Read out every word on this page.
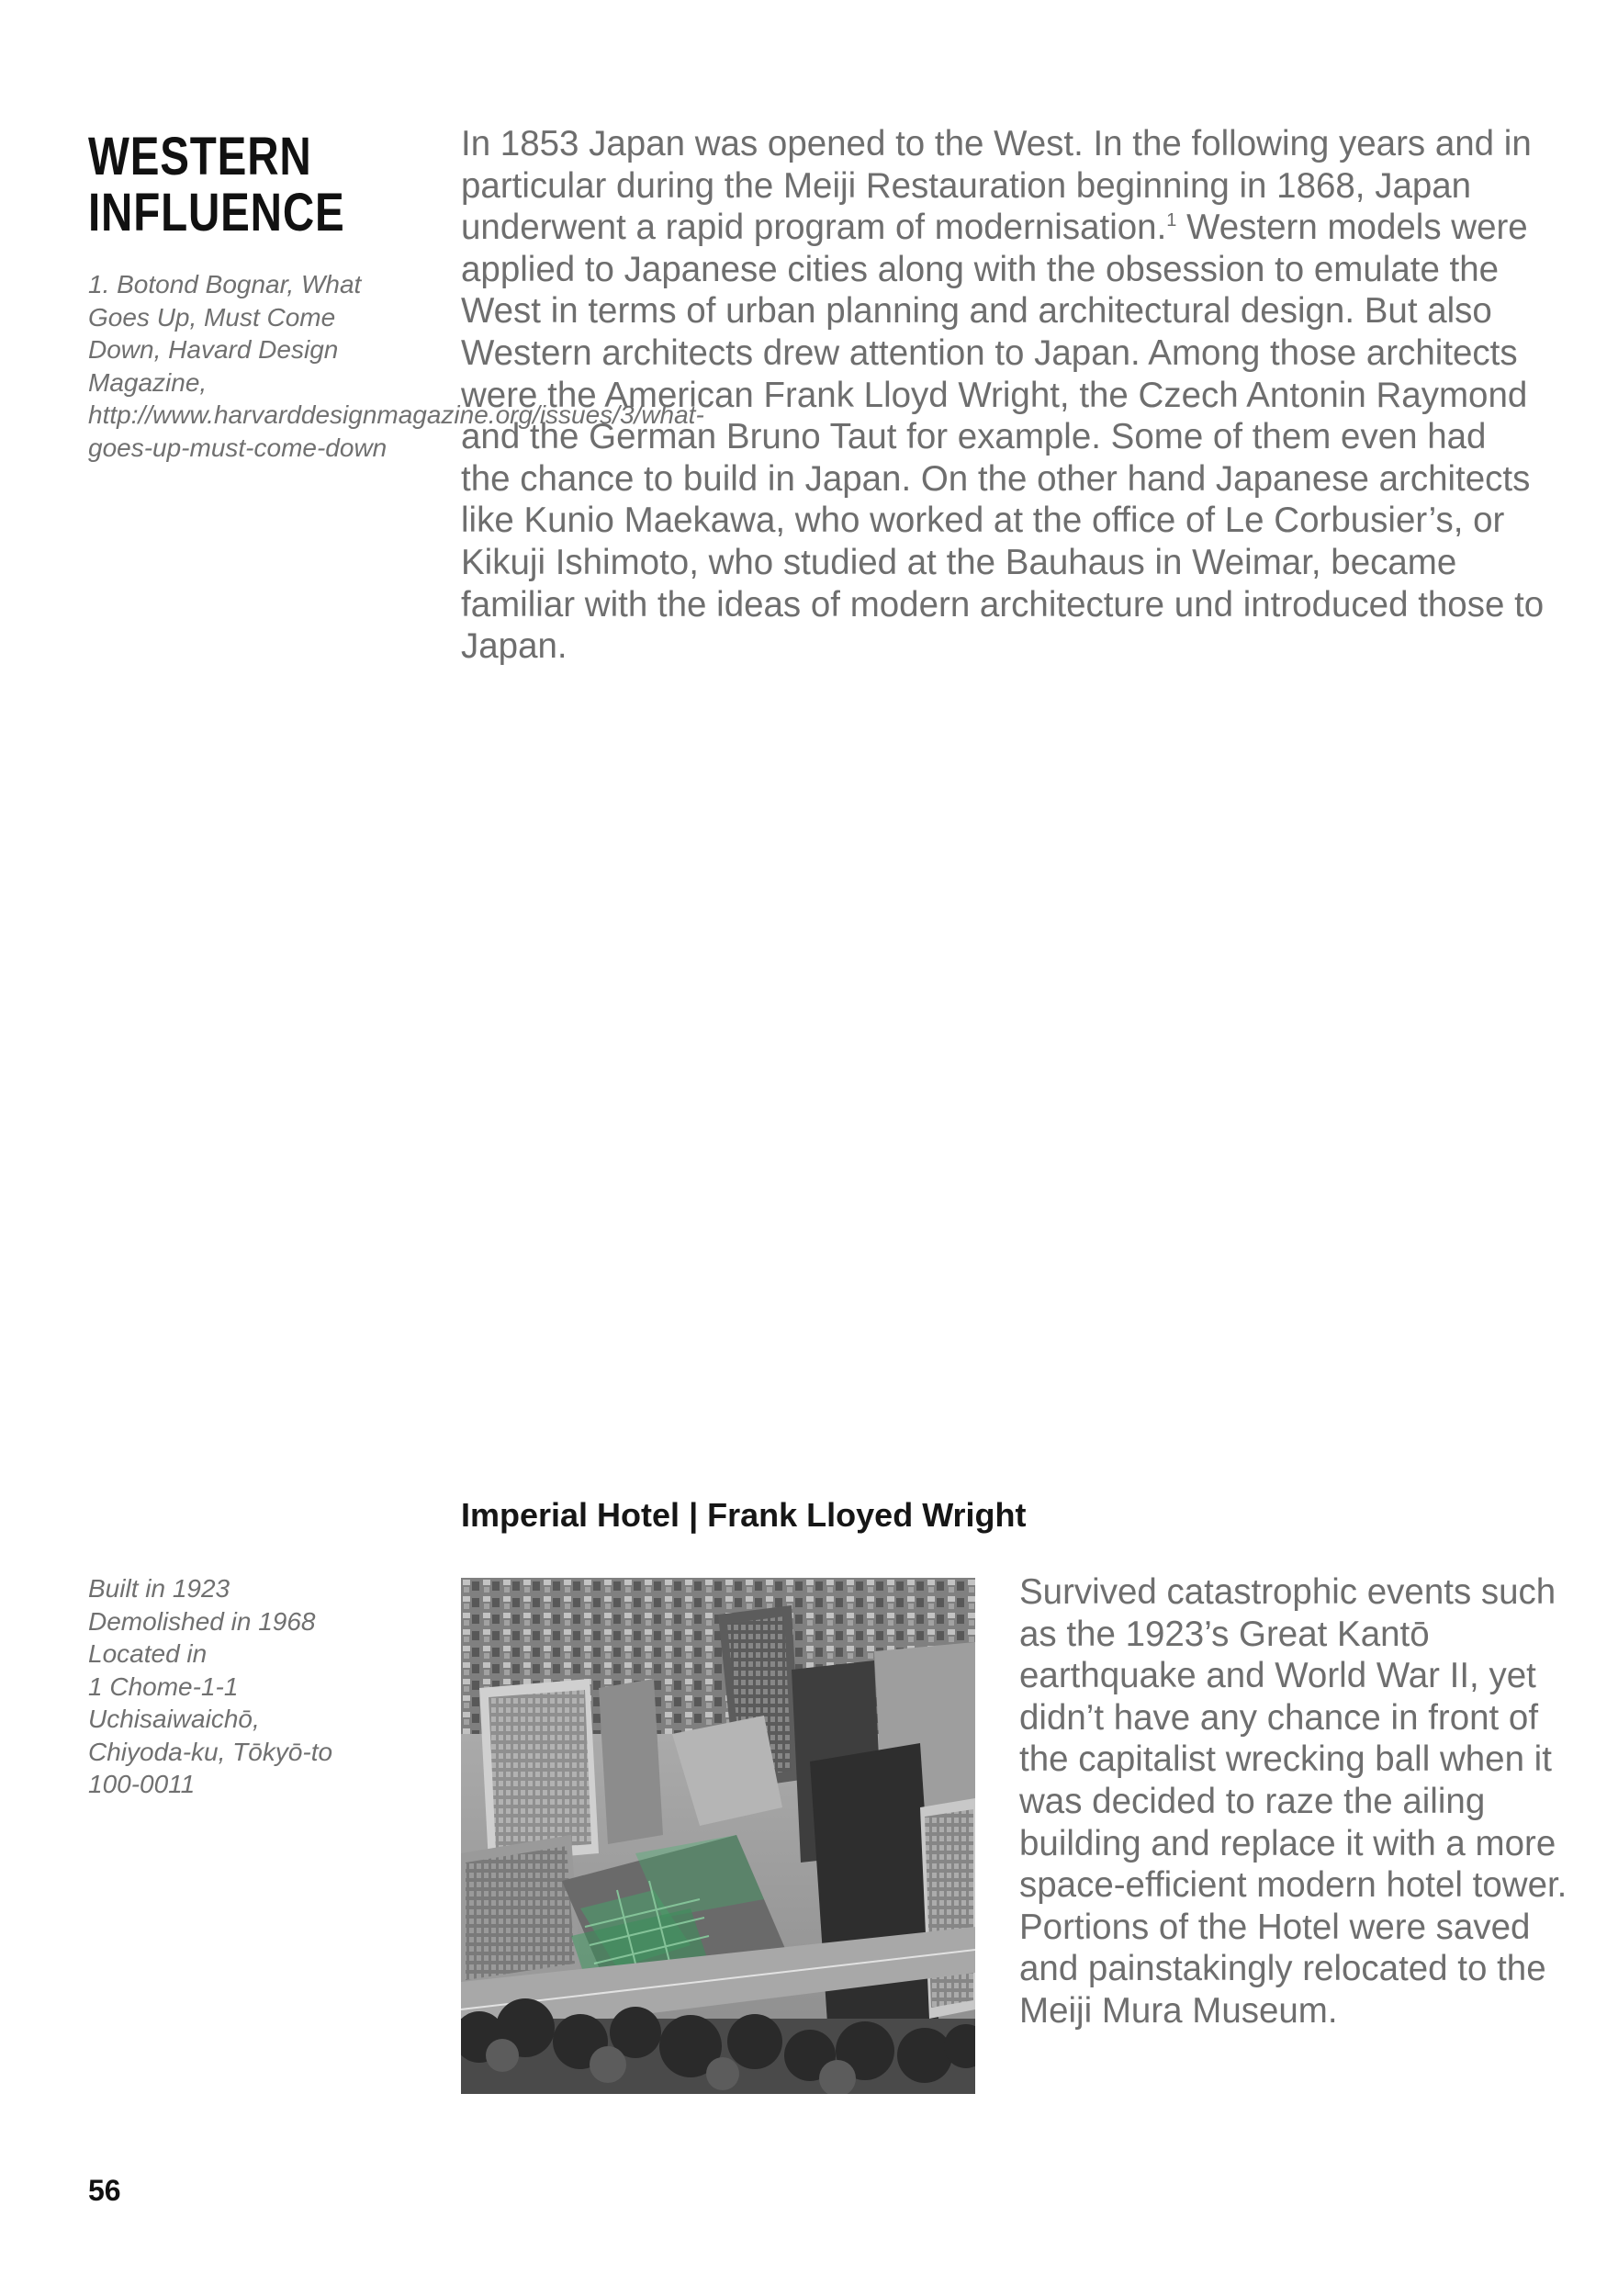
WESTERN
INFLUENCE

1. Botond Bognar, What Goes Up, Must Come Down, Havard Design Magazine, http://www.harvarddesignmagazine.org/issues/3/what-goes-up-must-come-down

In 1853 Japan was opened to the West. In the following years and in particular during the Meiji Restauration beginning in 1868, Japan underwent a rapid program of modernisation.$^1$ Western models were applied to Japanese cities along with the obsession to emulate the West in terms of urban planning and architectural design. But also Western architects drew attention to Japan. Among those architects were the American Frank Lloyd Wright, the Czech Antonin Raymond and the German Bruno Taut for example. Some of them even had the chance to build in Japan. On the other hand Japanese architects like Kunio Maekawa, who worked at the office of Le Corbusier’s, or Kikuji Ishimoto, who studied at the Bauhaus in Weimar, became familiar with the ideas of modern architecture und introduced those to Japan.

Imperial Hotel | Frank Lloyed Wright

Built in 1923
Demolished in 1968
Located in
1 Chome-1-1
Uchisaiwaichō,
Chiyoda-ku, Tōkyō-to
100-0011

Survived catastrophic events such as the 1923’s Great Kantō earthquake and World War II, yet didn’t have any chance in front of the capitalist wrecking ball when it was decided to raze the ailing building and replace it with a more space-efficient modern hotel tower. Portions of the Hotel were saved and painstakingly relocated to the Meiji Mura Museum.

56
